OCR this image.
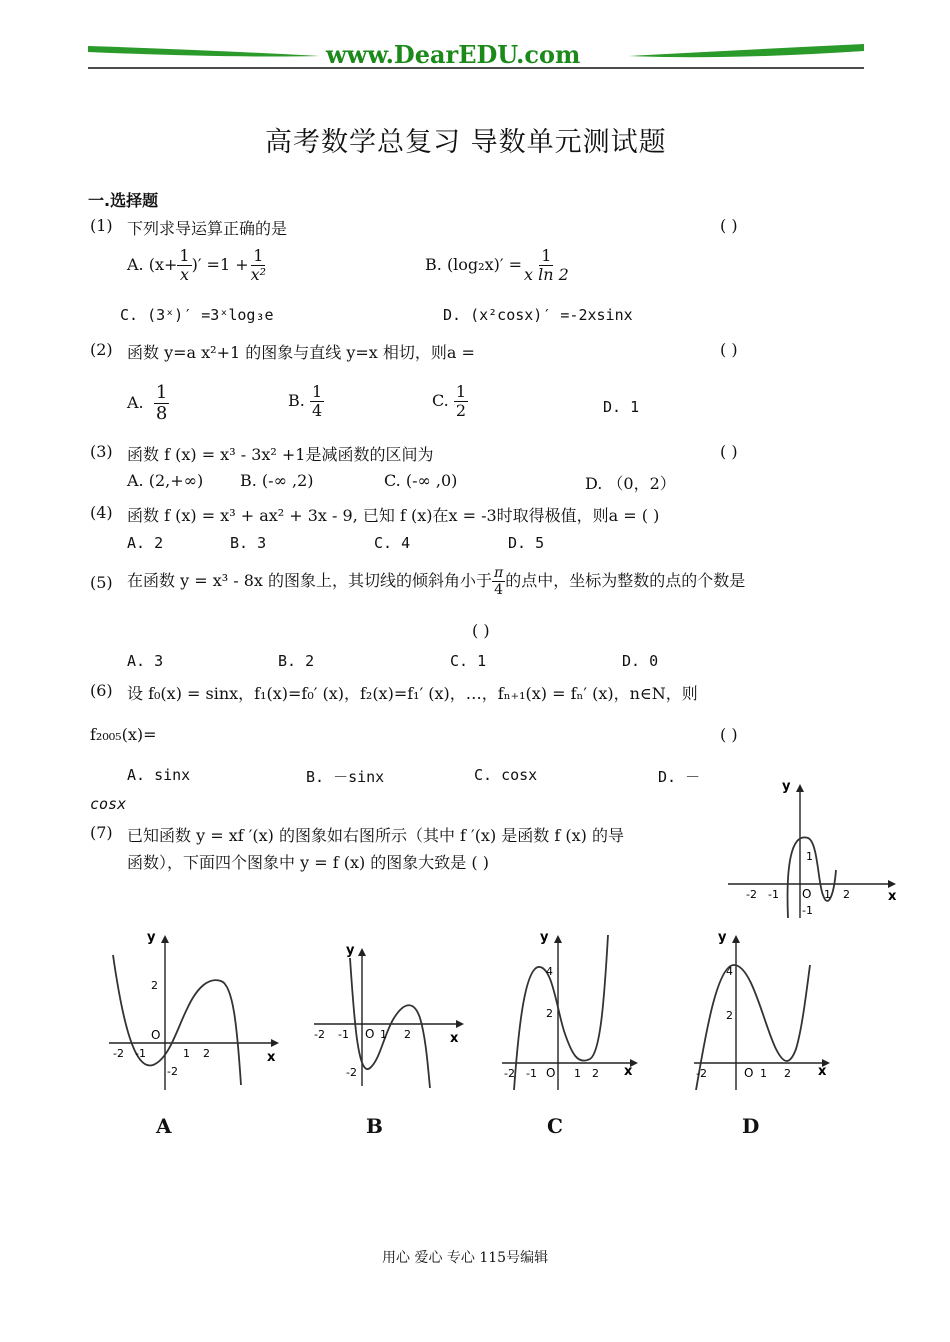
www.DearEDU.com
高考数学总复习 导数单元测试题
一.选择题
(1) 下列求导运算正确的是	( )
A. ($x+ \frac{1}{x}$ )′ $=1 + \frac{1}{\text{x²}}$	B. $(\log_2x)' = \frac{1}{\text{x ln 2}}$
C. (3ˣ)′ =3ˣlog₃e	D. (x²cosx)′ =-2xsinx
(2) 函数 y=a x²+1 的图象与直线 y=x 相切，则a =	( )
A. $\frac{1}{8}$	B. $\frac{1}{4}$	C. $\frac{1}{2}$	D. 1
(3) 函数 f (x) = x³ - 3x² +1是减函数的区间为	( )
A. (2,+∞) B. (-∞ ,2)	C. (-∞ ,0)	D. （0，2）
(4) 函数 f (x) = x³ + ax² + 3x - 9, 已知 f (x)在x = -3时取得极值，则a = ( )
A. 2	B. 3	C. 4	D. 5
(5) 在函数 y = x³ - 8x 的图象上，其切线的倾斜角小于 $\frac{\pi}{4}$ 的点中，坐标为整数的点的个数是
( )
A. 3	B. 2	C. 1	D. 0
(6) 设 f₀(x) = sinx，f₁(x)=f₀′ (x)，f₂(x)=f₁′ (x)，…，fₙ₊₁(x) = fₙ′ (x)，n∈N，则
f₂₀₀₅(x)=	( )
A. sinx	B. －sinx	C. cosx	D. －
cosx
(7) 已知函数 y = xf ′(x) 的图象如右图所示（其中 f ′(x) 是函数 f (x) 的导
函数），下面四个图象中 y = f (x) 的图象大致是 ( )
y
x
O
-2 -1	1 2
1
-1
y
x
O
-2 -1	1 2
2
-2
A
y
x
O
-2 -1	1 2
-2
B
y
x
O
-2 -1	1 2
2
4
C
y
x
O
-2	1 2
2
4
D
用心 爱心 专心 115号编辑
